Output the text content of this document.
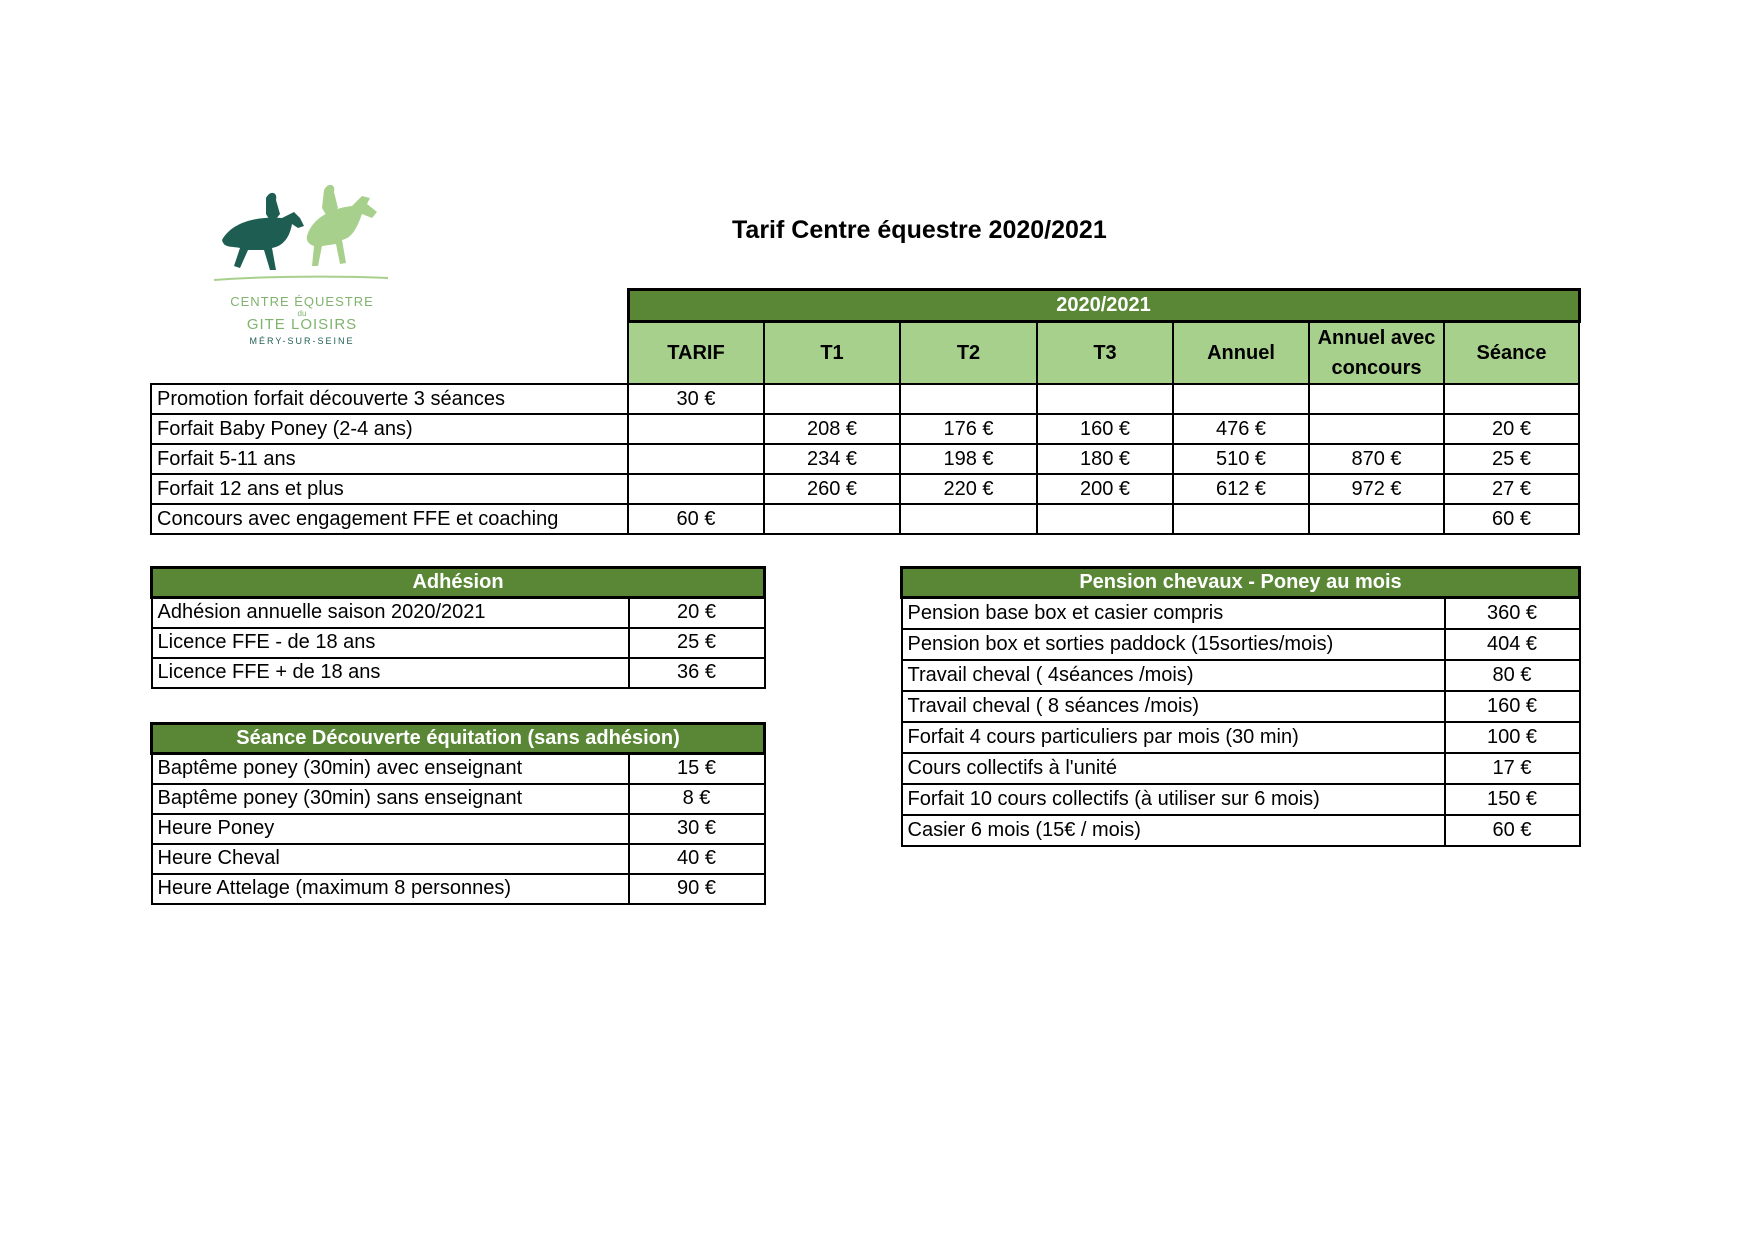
Tarif Centre équestre 2020/2021
CENTRE ÉQUESTRE
du
GITE LOISIRS
MÉRY-SUR-SEINE
	2020/2021						
	TARIF	T1	T2	T3	Annuel	Annuel avec concours	Séance
Promotion forfait découverte 3 séances	30 €						
Forfait Baby Poney (2-4 ans)		208 €	176 €	160 €	476 €		20 €
Forfait 5-11 ans		234 €	198 €	180 €	510 €	870 €	25 €
Forfait 12 ans et plus		260 €	220 €	200 €	612 €	972 €	27 €
Concours avec engagement FFE et coaching	60 €						60 €
Adhésion	
Adhésion annuelle saison 2020/2021	20 €
Licence FFE - de 18 ans	25 €
Licence FFE + de 18 ans	36 €
Séance Découverte équitation (sans adhésion)	
Baptême poney (30min) avec enseignant	15 €
Baptême poney (30min) sans enseignant	8 €
Heure Poney	30 €
Heure Cheval	40 €
Heure Attelage (maximum 8 personnes)	90 €
Pension chevaux - Poney au mois	
Pension base box et casier compris	360 €
Pension box et sorties paddock (15sorties/mois)	404 €
Travail cheval ( 4séances /mois)	80 €
Travail cheval ( 8 séances /mois)	160 €
Forfait 4 cours particuliers par mois (30 min)	100 €
Cours collectifs à l'unité	17 €
Forfait 10 cours collectifs (à utiliser sur 6 mois)	150 €
Casier 6 mois (15€ / mois)	60 €
